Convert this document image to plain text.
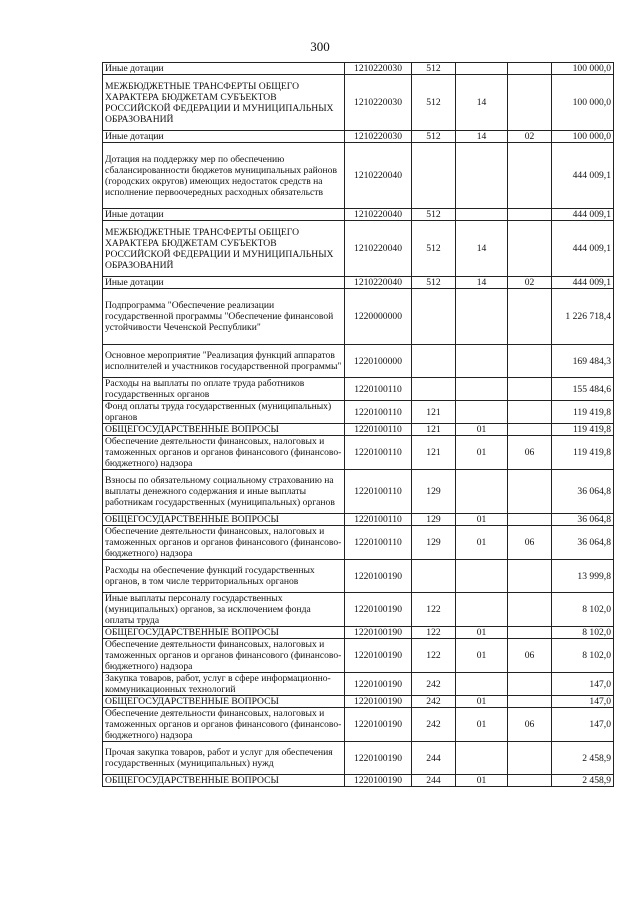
300
Иные дотации	1210220030	512			100 000,0
МЕЖБЮДЖЕТНЫЕ ТРАНСФЕРТЫ ОБЩЕГО ХАРАКТЕРА БЮДЖЕТАМ СУБЪЕКТОВ РОССИЙСКОЙ ФЕДЕРАЦИИ И МУНИЦИПАЛЬНЫХ ОБРАЗОВАНИЙ	1210220030	512	14		100 000,0
Иные дотации	1210220030	512	14	02	100 000,0
Дотация на поддержку мер по обеспечению сбалансированности бюджетов муниципальных районов (городских округов) имеющих недостаток средств на исполнение первоочередных расходных обязательств	1210220040				444 009,1
Иные дотации	1210220040	512			444 009,1
МЕЖБЮДЖЕТНЫЕ ТРАНСФЕРТЫ ОБЩЕГО ХАРАКТЕРА БЮДЖЕТАМ СУБЪЕКТОВ РОССИЙСКОЙ ФЕДЕРАЦИИ И МУНИЦИПАЛЬНЫХ ОБРАЗОВАНИЙ	1210220040	512	14		444 009,1
Иные дотации	1210220040	512	14	02	444 009,1
Подпрограмма "Обеспечение реализации государственной программы "Обеспечение финансовой устойчивости Чеченской Республики"	1220000000				1 226 718,4
Основное мероприятие "Реализация функций аппаратов исполнителей и участников государственной программы"	1220100000				169 484,3
Расходы на выплаты по оплате труда работников государственных органов	1220100110				155 484,6
Фонд оплаты труда государственных (муниципальных) органов	1220100110	121			119 419,8
ОБЩЕГОСУДАРСТВЕННЫЕ ВОПРОСЫ	1220100110	121	01		119 419,8
Обеспечение деятельности финансовых, налоговых и таможенных органов и органов финансового (финансово-бюджетного) надзора	1220100110	121	01	06	119 419,8
Взносы по обязательному социальному страхованию на выплаты денежного содержания и иные выплаты работникам государственных (муниципальных) органов	1220100110	129			36 064,8
ОБЩЕГОСУДАРСТВЕННЫЕ ВОПРОСЫ	1220100110	129	01		36 064,8
Обеспечение деятельности финансовых, налоговых и таможенных органов и органов финансового (финансово-бюджетного) надзора	1220100110	129	01	06	36 064,8
Расходы на обеспечение функций государственных органов, в том числе территориальных органов	1220100190				13 999,8
Иные выплаты персоналу государственных (муниципальных) органов, за исключением фонда оплаты труда	1220100190	122			8 102,0
ОБЩЕГОСУДАРСТВЕННЫЕ ВОПРОСЫ	1220100190	122	01		8 102,0
Обеспечение деятельности финансовых, налоговых и таможенных органов и органов финансового (финансово-бюджетного) надзора	1220100190	122	01	06	8 102,0
Закупка товаров, работ, услуг в сфере информационно-коммуникационных технологий	1220100190	242			147,0
ОБЩЕГОСУДАРСТВЕННЫЕ ВОПРОСЫ	1220100190	242	01		147,0
Обеспечение деятельности финансовых, налоговых и таможенных органов и органов финансового (финансово-бюджетного) надзора	1220100190	242	01	06	147,0
Прочая закупка товаров, работ и услуг для обеспечения государственных (муниципальных) нужд	1220100190	244			2 458,9
ОБЩЕГОСУДАРСТВЕННЫЕ ВОПРОСЫ	1220100190	244	01		2 458,9
